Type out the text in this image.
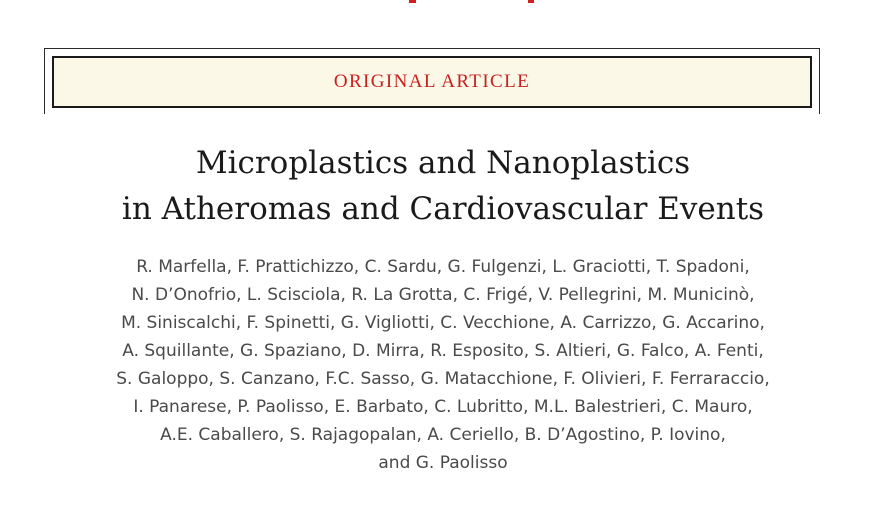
ORIGINAL ARTICLE
Microplastics and Nanoplastics
in Atheromas and Cardiovascular Events
R. Marfella, F. Prattichizzo, C. Sardu, G. Fulgenzi, L. Graciotti, T. Spadoni,
N. D’Onofrio, L. Scisciola, R. La Grotta, C. Frigé, V. Pellegrini, M. Municinò,
M. Siniscalchi, F. Spinetti, G. Vigliotti, C. Vecchione, A. Carrizzo, G. Accarino,
A. Squillante, G. Spaziano, D. Mirra, R. Esposito, S. Altieri, G. Falco, A. Fenti,
S. Galoppo, S. Canzano, F.C. Sasso, G. Matacchione, F. Olivieri, F. Ferraraccio,
I. Panarese, P. Paolisso, E. Barbato, C. Lubritto, M.L. Balestrieri, C. Mauro,
A.E. Caballero, S. Rajagopalan, A. Ceriello, B. D’Agostino, P. Iovino,
and G. Paolisso
